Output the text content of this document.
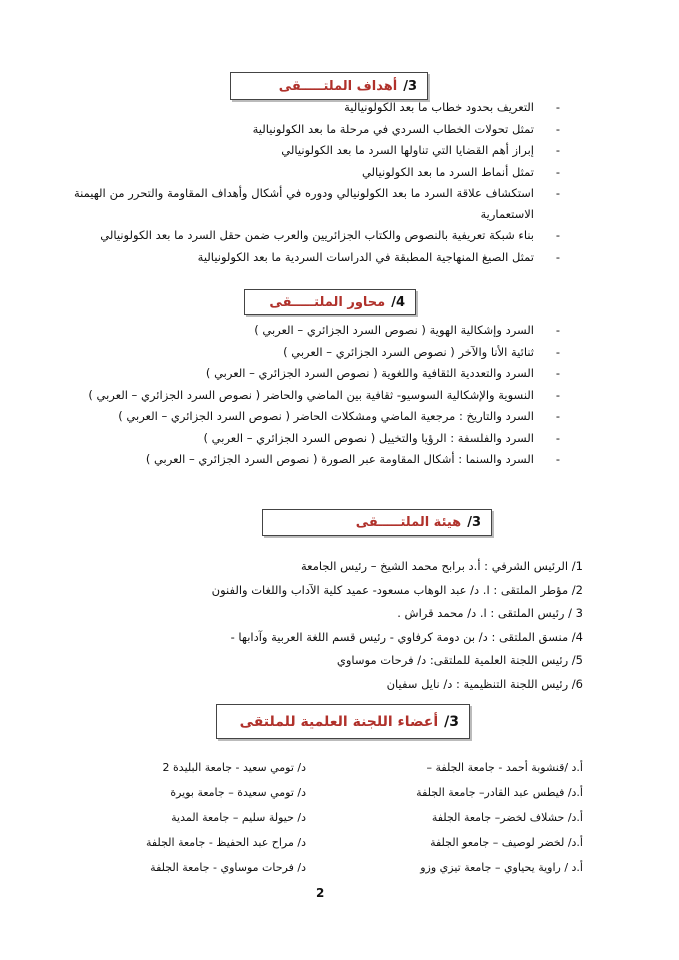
3/
أهداف الملتـــــقى
- التعريف بحدود خطاب ما بعد الكولونيالية
- تمثل تحولات الخطاب السردي في مرحلة ما بعد الكولونيالية
- إبراز أهم القضايا التي تناولها السرد ما بعد الكولونيالي
- تمثل أنماط السرد ما بعد الكولونيالي
- استكشاف علاقة السرد ما بعد الكولونيالي ودوره في أشكال وأهداف المقاومة والتحرر من الهيمنة الاستعمارية
- بناء شبكة تعريفية بالنصوص والكتاب الجزائريين والعرب ضمن حقل السرد ما بعد الكولونيالي
- تمثل الصيغ المنهاجية المطبقة في الدراسات السردية ما بعد الكولونيالية
4/
محاور الملتـــــقى
- السرد وإشكالية الهوية ( نصوص السرد الجزائري – العربي )
- ثنائية الأنا والآخر ( نصوص السرد الجزائري – العربي )
- السرد والتعددية الثقافية واللغوية ( نصوص السرد الجزائري – العربي )
- النسوية والإشكالية السوسيو- ثقافية بين الماضي والحاضر ( نصوص السرد الجزائري – العربي )
- السرد والتاريخ : مرجعية الماضي ومشكلات الحاضر ( نصوص السرد الجزائري – العربي )
- السرد والفلسفة : الرؤيا والتخييل ( نصوص السرد الجزائري – العربي )
- السرد والسنما : أشكال المقاومة عبر الصورة ( نصوص السرد الجزائري – العربي )
3/
هيئة الملتـــــقى
1/ الرئيس الشرفي : أ.د برابح محمد الشيخ – رئيس الجامعة
2/ مؤطر الملتقى : ا. د/ عبد الوهاب مسعود- عميد كلية الآداب واللغات والفنون
3 / رئيس الملتقى : ا. د/ محمد قراش .
4/ منسق الملتقى : د/ بن دومة كرفاوي - رئيس قسم اللغة العربية وآدابها -
5/ رئيس اللجنة العلمية للملتقى: د/ فرحات موساوي
6/ رئيس اللجنة التنظيمية : د/ نايل سفيان
3/
أعضاء اللجنة العلمية للملتقى
أ.د /قنشوبة أحمد - جامعة الجلفة –
أ.د/ فيطس عبد القادر– جامعة الجلفة
أ.د/ حشلاف لخضر– جامعة الجلفة
أ.د/ لخضر لوصيف – جامعو الجلفة
أ.د / راوية يحياوي – جامعة تيزي وزو
د/ تومي سعيد - جامعة البليدة 2
د/ تومي سعيدة – جامعة بويرة
د/ حيولة سليم – جامعة المدية
د/ مراح عبد الحفيظ - جامعة الجلفة
د/ فرحات موساوي - جامعة الجلفة
2
